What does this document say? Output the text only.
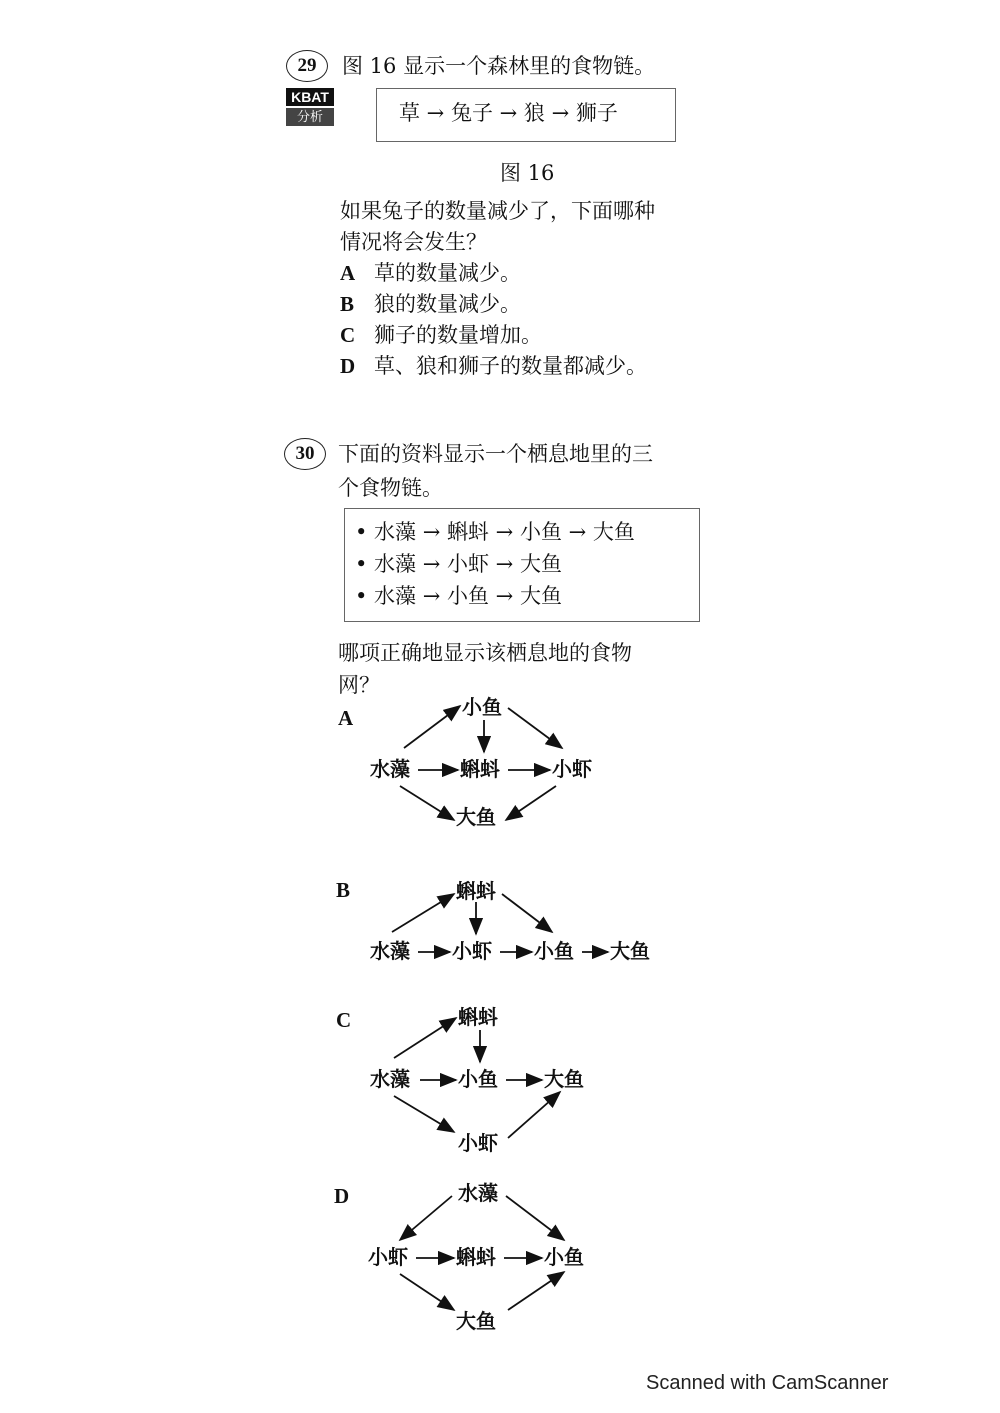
29	图 16 显示一个森林里的食物链。
KBAT
分析	草 → 兔子 → 狼 → 狮子
图 16
如果兔子的数量减少了，下面哪种
情况将会发生？
A 草的数量减少。
B 狼的数量减少。
C 狮子的数量增加。
D 草、狼和狮子的数量都减少。
30	下面的资料显示一个栖息地里的三
个食物链。
• 水藻 → 蝌蚪 → 小鱼 → 大鱼
• 水藻 → 小虾 → 大鱼
• 水藻 → 小鱼 → 大鱼
哪项正确地显示该栖息地的食物
网？
A	小鱼
水藻	蝌蚪	小虾
大鱼
B	蝌蚪
水藻 小虾 小鱼 大鱼
C	蝌蚪
水藻 小鱼 大鱼
小虾
D	水藻
小虾 蝌蚪 小鱼
大鱼
Scanned with CamScanner
